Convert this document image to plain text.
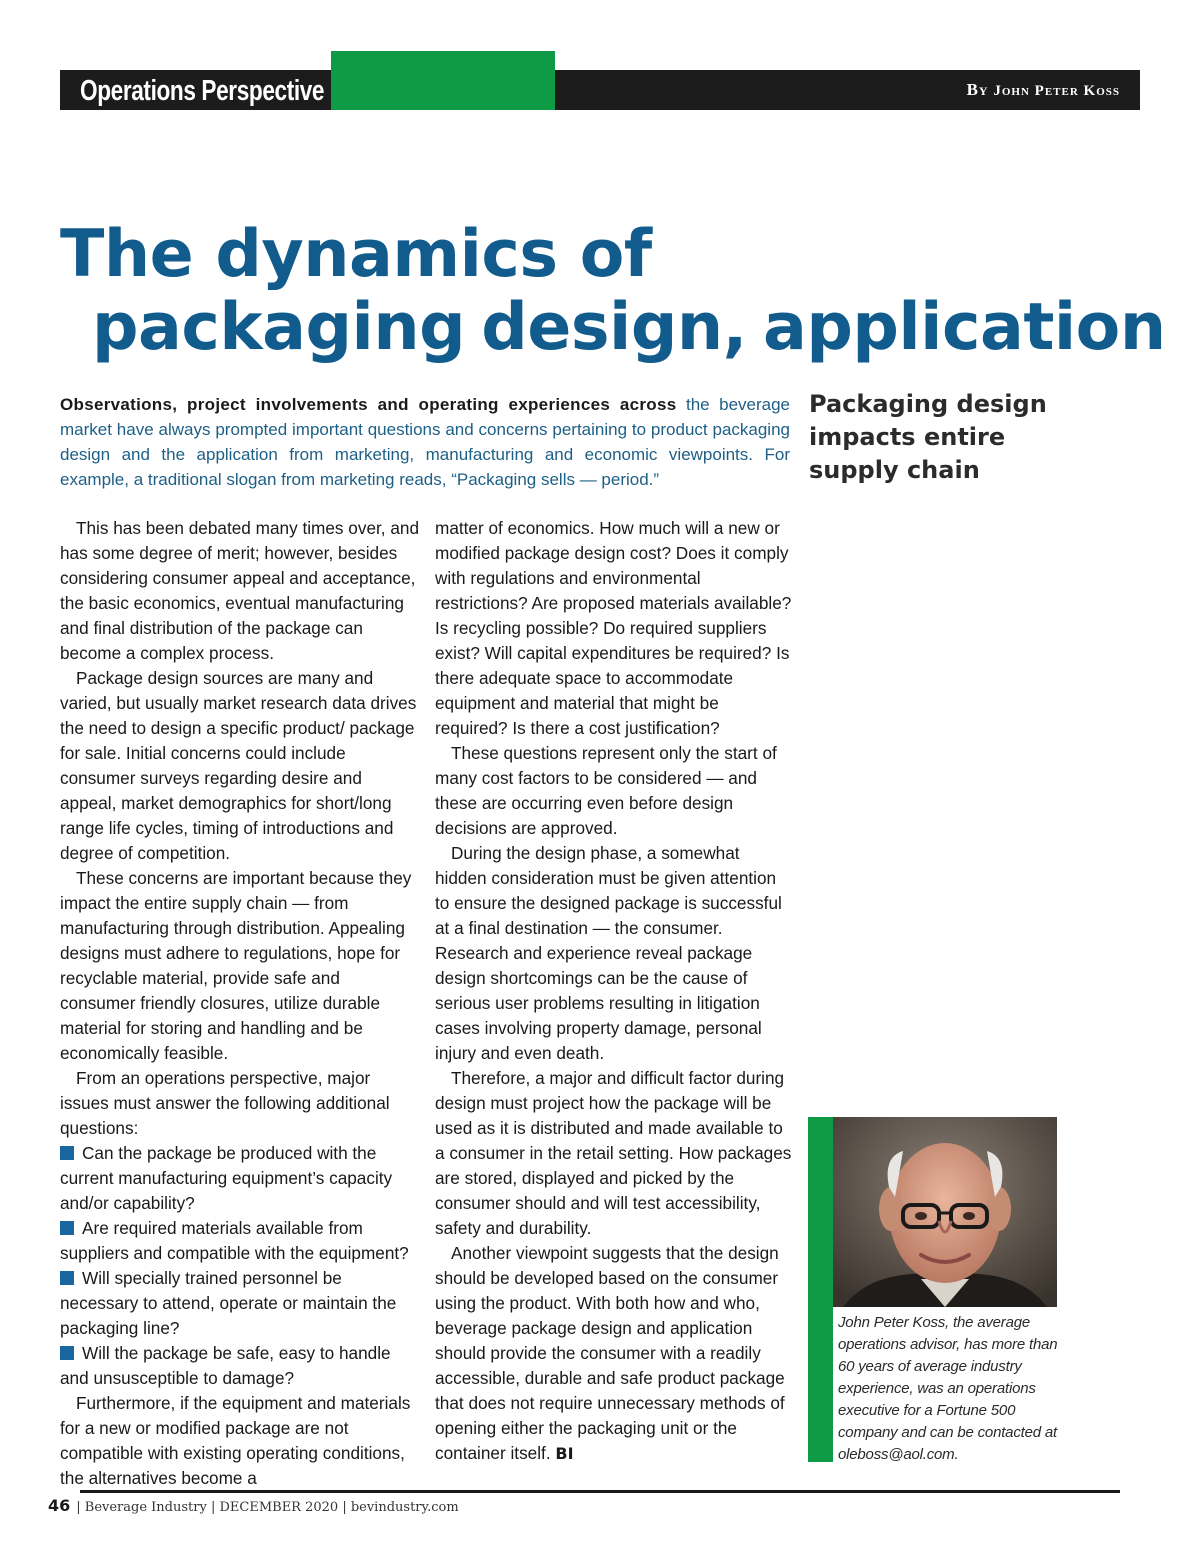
Operations Perspective	By John Peter Koss
The dynamics of
packaging design, application

Observations, project involvements and operating experiences across the beverage market have always prompted important questions and concerns pertaining to product packaging design and the application from marketing, manufacturing and economic viewpoints. For example, a traditional slogan from marketing reads, “Packaging sells — period.”

Packaging design impacts entire supply chain

This has been debated many times over, and has some degree of merit; however, besides considering consumer appeal and acceptance, the basic economics, eventual manufacturing and final distribution of the package can become a complex process.

Package design sources are many and varied, but usually market research data drives the need to design a specific product/ package for sale. Initial concerns could include consumer surveys regarding desire and appeal, market demographics for short/long range life cycles, timing of introductions and degree of competition.

These concerns are important because they impact the entire supply chain — from manufacturing through distribution. Appealing designs must adhere to regulations, hope for recyclable material, provide safe and consumer friendly closures, utilize durable material for storing and handling and be economically feasible.

From an operations perspective, major issues must answer the following additional questions:

Can the package be produced with the current manufacturing equipment’s capacity and/or capability?

Are required materials available from suppliers and compatible with the equipment?

Will specially trained personnel be necessary to attend, operate or maintain the packaging line?

Will the package be safe, easy to handle and unsusceptible to damage?

Furthermore, if the equipment and materials for a new or modified package are not compatible with existing operating conditions, the alternatives become a

matter of economics. How much will a new or modified package design cost? Does it comply with regulations and environmental restrictions? Are proposed materials available? Is recycling possible? Do required suppliers exist? Will capital expenditures be required? Is there adequate space to accommodate equipment and material that might be required? Is there a cost justification?

These questions represent only the start of many cost factors to be considered — and these are occurring even before design decisions are approved.

During the design phase, a somewhat hidden consideration must be given attention to ensure the designed package is successful at a final destination — the consumer. Research and experience reveal package design shortcomings can be the cause of serious user problems resulting in litigation cases involving property damage, personal injury and even death.

Therefore, a major and difficult factor during design must project how the package will be used as it is distributed and made available to a consumer in the retail setting. How packages are stored, displayed and picked by the consumer should and will test accessibility, safety and durability.

Another viewpoint suggests that the design should be developed based on the consumer using the product. With both how and who, beverage package design and application should provide the consumer with a readily accessible, durable and safe product package that does not require unnecessary methods of opening either the packaging unit or the container itself. BI

John Peter Koss, the average operations advisor, has more than 60 years of average industry experience, was an operations executive for a Fortune 500 company and can be contacted at oleboss@aol.com.

46 | Beverage Industry | DECEMBER 2020 | bevindustry.com
